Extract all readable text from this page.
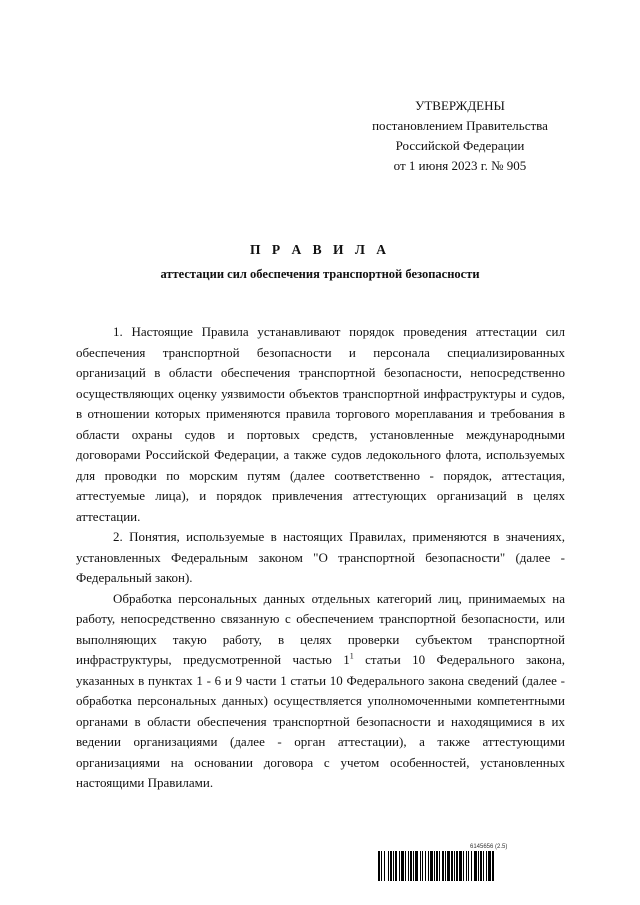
УТВЕРЖДЕНЫ
постановлением Правительства
Российской Федерации
от 1 июня 2023 г. № 905
П Р А В И Л А
аттестации сил обеспечения транспортной безопасности

1. Настоящие Правила устанавливают порядок проведения аттестации сил обеспечения транспортной безопасности и персонала специализированных организаций в области обеспечения транспортной безопасности, непосредственно осуществляющих оценку уязвимости объектов транспортной инфраструктуры и судов, в отношении которых применяются правила торгового мореплавания и требования в области охраны судов и портовых средств, установленные международными договорами Российской Федерации, а также судов ледокольного флота, используемых для проводки по морским путям (далее соответственно - порядок, аттестация, аттестуемые лица), и порядок привлечения аттестующих организаций в целях аттестации.

2. Понятия, используемые в настоящих Правилах, применяются в значениях, установленных Федеральным законом "О транспортной безопасности" (далее - Федеральный закон).

Обработка персональных данных отдельных категорий лиц, принимаемых на работу, непосредственно связанную с обеспечением транспортной безопасности, или выполняющих такую работу, в целях проверки субъектом транспортной инфраструктуры, предусмотренной частью $1^1$ статьи 10 Федерального закона, указанных в пунктах 1 - 6 и 9 части 1 статьи 10 Федерального закона сведений (далее - обработка персональных данных) осуществляется уполномоченными компетентными органами в области обеспечения транспортной безопасности и находящимися в их ведении организациями (далее - орган аттестации), а также аттестующими организациями на основании договора с учетом особенностей, установленных настоящими Правилами.

6145656 (2.5)
